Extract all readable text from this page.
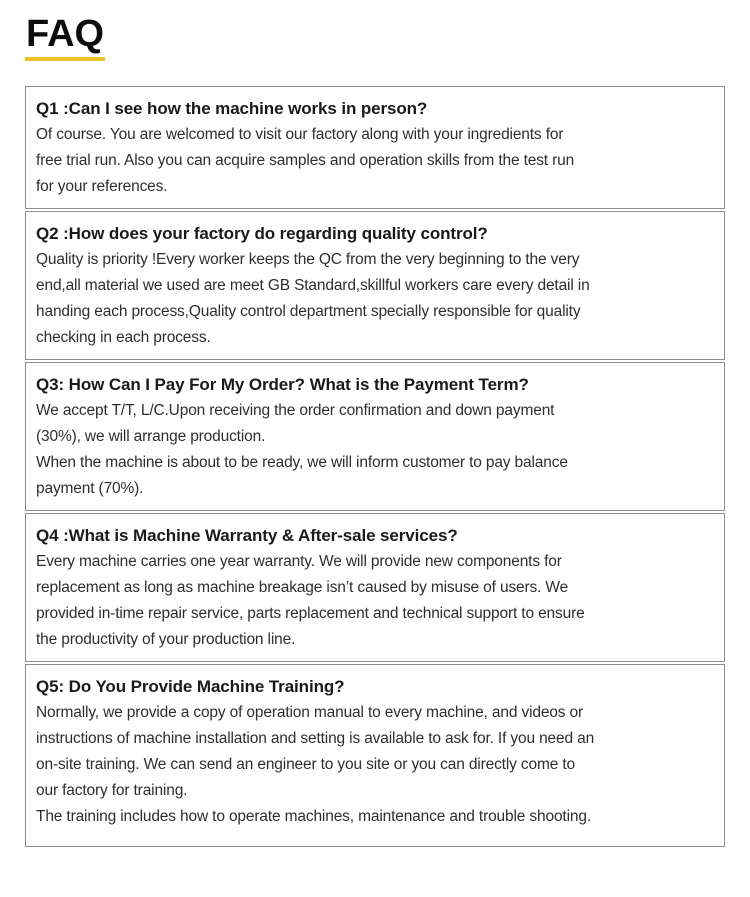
FAQ
Q1 :Can I see how the machine works in person?

Of course. You are welcomed to visit our factory along with your ingredients for

free trial run. Also you can acquire samples and operation skills from the test run

for your references.

Q2 :How does your factory do regarding quality control?

Quality is priority !Every worker keeps the QC from the very beginning to the very

end,all material we used are meet GB Standard,skillful workers care every detail in

handing each process,Quality control department specially responsible for quality

checking in each process.

Q3: How Can I Pay For My Order? What is the Payment Term?

We accept T/T, L/C.Upon receiving the order confirmation and down payment

(30%), we will arrange production.

When the machine is about to be ready, we will inform customer to pay balance

payment (70%).

Q4 :What is Machine Warranty & After-sale services?

Every machine carries one year warranty. We will provide new components for

replacement as long as machine breakage isn’t caused by misuse of users. We

provided in-time repair service, parts replacement and technical support to ensure

the productivity of your production line.

Q5: Do You Provide Machine Training?

Normally, we provide a copy of operation manual to every machine, and videos or

instructions of machine installation and setting is available to ask for. If you need an

on-site training. We can send an engineer to you site or you can directly come to

our factory for training.

The training includes how to operate machines, maintenance and trouble shooting.
